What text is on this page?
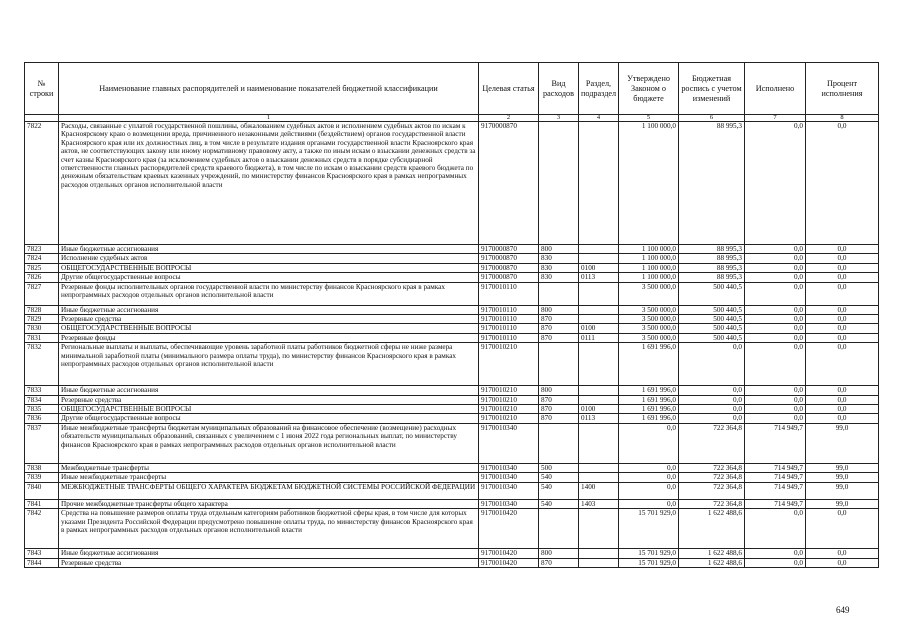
№ строки	Наименование главных распорядителей и наименование показателей бюджетной классификации	Целевая статья	Вид расходов	Раздел, подраздел	Утверждено Законом о бюджете	Бюджетная роспись с учетом изменений	Исполнено	Процент исполнения
	1	2	3	4	5	6	7	8
7822	Расходы, связанные с уплатой государственной пошлины, обжалованием судебных актов и исполнением судебных актов по искам к Красноярскому краю о возмещении вреда, причиненного незаконными действиями (бездействием) органов государственной власти Красноярского края или их должностных лиц, в том числе в результате издания органами государственной власти Красноярского края актов, не соответствующих закону или иному нормативному правовому акту, а также по иным искам о взыскании денежных средств за счет казны Красноярского края (за исключением судебных актов о взыскании денежных средств в порядке субсидиарной ответственности главных распорядителей средств краевого бюджета), в том числе по искам о взыскании средств краевого бюджета по денежным обязательствам краевых казенных учреждений, по министерству финансов Красноярского края в рамках непрограммных расходов отдельных органов исполнительной власти	9170000870			1 100 000,0	88 995,3	0,0	0,0
7823	Иные бюджетные ассигнования	9170000870	800		1 100 000,0	88 995,3	0,0	0,0
7824	Исполнение судебных актов	9170000870	830		1 100 000,0	88 995,3	0,0	0,0
7825	ОБЩЕГОСУДАРСТВЕННЫЕ ВОПРОСЫ	9170000870	830	0100	1 100 000,0	88 995,3	0,0	0,0
7826	Другие общегосударственные вопросы	9170000870	830	0113	1 100 000,0	88 995,3	0,0	0,0
7827	Резервные фонды исполнительных органов государственной власти по министерству финансов Красноярского края в рамках непрограммных расходов отдельных органов исполнительной власти	9170010110			3 500 000,0	500 440,5	0,0	0,0
7828	Иные бюджетные ассигнования	9170010110	800		3 500 000,0	500 440,5	0,0	0,0
7829	Резервные средства	9170010110	870		3 500 000,0	500 440,5	0,0	0,0
7830	ОБЩЕГОСУДАРСТВЕННЫЕ ВОПРОСЫ	9170010110	870	0100	3 500 000,0	500 440,5	0,0	0,0
7831	Резервные фонды	9170010110	870	0111	3 500 000,0	500 440,5	0,0	0,0
7832	Региональные выплаты и выплаты, обеспечивающие уровень заработной платы работников бюджетной сферы не ниже размера минимальной заработной платы (минимального размера оплаты труда), по министерству финансов Красноярского края в рамках непрограммных расходов отдельных органов исполнительной власти	9170010210			1 691 996,0	0,0	0,0	0,0
7833	Иные бюджетные ассигнования	9170010210	800		1 691 996,0	0,0	0,0	0,0
7834	Резервные средства	9170010210	870		1 691 996,0	0,0	0,0	0,0
7835	ОБЩЕГОСУДАРСТВЕННЫЕ ВОПРОСЫ	9170010210	870	0100	1 691 996,0	0,0	0,0	0,0
7836	Другие общегосударственные вопросы	9170010210	870	0113	1 691 996,0	0,0	0,0	0,0
7837	Иные межбюджетные трансферты бюджетам муниципальных образований на финансовое обеспечение (возмещение) расходных обязательств муниципальных образований, связанных с увеличением с 1 июня 2022 года региональных выплат, по министерству финансов Красноярского края в рамках непрограммных расходов отдельных органов исполнительной власти	9170010340			0,0	722 364,8	714 949,7	99,0
7838	Межбюджетные трансферты	9170010340	500		0,0	722 364,8	714 949,7	99,0
7839	Иные межбюджетные трансферты	9170010340	540		0,0	722 364,8	714 949,7	99,0
7840	МЕЖБЮДЖЕТНЫЕ ТРАНСФЕРТЫ ОБЩЕГО ХАРАКТЕРА БЮДЖЕТАМ БЮДЖЕТНОЙ СИСТЕМЫ РОССИЙСКОЙ ФЕДЕРАЦИИ	9170010340	540	1400	0,0	722 364,8	714 949,7	99,0
7841	Прочие межбюджетные трансферты общего характера	9170010340	540	1403	0,0	722 364,8	714 949,7	99,0
7842	Средства на повышение размеров оплаты труда отдельным категориям работников бюджетной сферы края, в том числе для которых указами Президента Российской Федерации предусмотрено повышение оплаты труда, по министерству финансов Красноярского края в рамках непрограммных расходов отдельных органов исполнительной власти	9170010420			15 701 929,0	1 622 488,6	0,0	0,0
7843	Иные бюджетные ассигнования	9170010420	800		15 701 929,0	1 622 488,6	0,0	0,0
7844	Резервные средства	9170010420	870		15 701 929,0	1 622 488,6	0,0	0,0
649
